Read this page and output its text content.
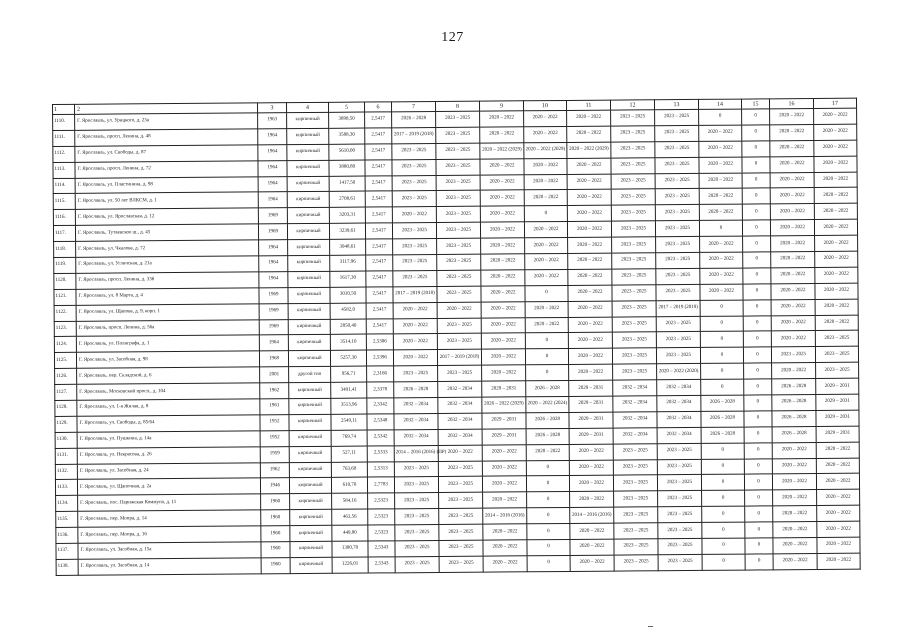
127
1	2	3	4	5	6	7	8	9	10	11	12	13	14	15	16	17
1110.	Г. Ярославль, ул. Урицкого, д. 23а	1963	кирпичный	3898,50	2,5417	2026 – 2028	2023 – 2025	2020 – 2022	2020 – 2022	2020 – 2022	2023 – 2025	2023 – 2025	0	0	2020 – 2022	2020 – 2022
1111.	Г. Ярославль, просп. Ленина, д. 48	1964	кирпичный	3588,30	2,5417	2017 – 2019 (2018)	2023 – 2025	2020 – 2022	2020 – 2022	2020 – 2022	2023 – 2025	2023 – 2025	2020 – 2022	0	2020 – 2022	2020 – 2022
1112.	Г. Ярославль, ул. Свободы, д. 87	1964	кирпичный	5610,00	2,5417	2023 – 2025	2023 – 2025	2020 – 2022 (2029)	2020 – 2022 (2029)	2020 – 2022 (2029)	2023 – 2025	2023 – 2025	2020 – 2022	0	2020 – 2022	2020 – 2022
1113.	Г. Ярославль, просп. Ленина, д. 72	1964	кирпичный	3880,80	2,5417	2023 – 2025	2023 – 2025	2020 – 2022	2020 – 2022	2020 – 2022	2023 – 2025	2023 – 2025	2020 – 2022	0	2020 – 2022	2020 – 2022
1114.	Г. Ярославль, ул. Пластинина, д. 98	1964	кирпичный	1417,50	2,5417	2023 – 2025	2023 – 2025	2020 – 2022	2020 – 2022	2020 – 2022	2023 – 2025	2023 – 2025	2020 – 2022	0	2020 – 2022	2020 – 2022
1115.	Г. Ярославль, ул. 50 лет ВЛКСМ, д. 1	1964	кирпичный	2708,61	2,5417	2023 – 2025	2023 – 2025	2020 – 2022	2020 – 2022	2020 – 2022	2023 – 2025	2023 – 2025	2020 – 2022	0	2020 – 2022	2020 – 2022
1116.	Г. Ярославль, ул. Ярославская, д. 12	1969	кирпичный	3203,31	2,5417	2020 – 2022	2023 – 2025	2020 – 2022	0	2020 – 2022	2023 – 2025	2023 – 2025	2020 – 2022	0	2020 – 2022	2020 – 2022
1117.	Г. Ярославль, Тутаевское ш., д. 45	1969	кирпичный	3239,61	2,5417	2023 – 2025	2023 – 2025	2020 – 2022	2020 – 2022	2020 – 2022	2023 – 2025	2023 – 2025	0	0	2020 – 2022	2020 – 2022
1118.	Г. Ярославль, ул. Чкалова, д. 72	1964	кирпичный	3948,61	2,5417	2023 – 2025	2023 – 2025	2020 – 2022	2020 – 2022	2020 – 2022	2023 – 2025	2023 – 2025	2020 – 2022	0	2020 – 2022	2020 – 2022
1119.	Г. Ярославль, ул. Угличская, д. 21а	1964	кирпичный	3117,96	2,5417	2023 – 2025	2023 – 2025	2020 – 2022	2020 – 2022	2020 – 2022	2023 – 2025	2023 – 2025	2020 – 2022	0	2020 – 2022	2020 – 2022
1120.	Г. Ярославль, просп. Ленина, д. 33б	1964	кирпичный	1617,30	2,5417	2023 – 2025	2023 – 2025	2020 – 2022	2020 – 2022	2020 – 2022	2023 – 2025	2023 – 2025	2020 – 2022	0	2020 – 2022	2020 – 2022
1121.	Г. Ярославль, ул. 8 Марта, д. 4	1969	кирпичный	3010,50	2,5417	2017 – 2019 (2018)	2023 – 2025	2020 – 2022	0	2020 – 2022	2023 – 2025	2023 – 2025	2020 – 2022	0	2020 – 2022	2020 – 2022
1122.	Г. Ярославль, ул. Щапова, д. 9, корп. 1	1969	кирпичный	4582,0	2,5417	2020 – 2022	2020 – 2022	2020 – 2022	2020 – 2022	2020 – 2022	2023 – 2025	2017 – 2019 (2019)	0	0	2020 – 2022	2020 – 2022
1123.	Г. Ярославль, просп. Ленина, д. 56а	1969	кирпичный	2850,40	2,5417	2020 – 2022	2023 – 2025	2020 – 2022	2020 – 2022	2020 – 2022	2023 – 2025	2023 – 2025	0	0	2020 – 2022	2020 – 2022
1124.	Г. Ярославль, ул. Полиграфа, д. 1	1964	кирпичный	3514,10	2,5306	2020 – 2022	2023 – 2025	2020 – 2022	0	2020 – 2022	2023 – 2025	2023 – 2025	0	0	2020 – 2022	2023 – 2025
1125.	Г. Ярославль, ул. Засобная, д. 98	1968	кирпичный	5257,30	2,5396	2020 – 2022	2017 – 2019 (2018)	2020 – 2022	0	2020 – 2022	2023 – 2025	2023 – 2025	0	0	2023 – 2025	2023 – 2025
1126.	Г. Ярославль, пер. Складской, д. 6	2001	другой тип	956,71	2,3166	2023 – 2025	2023 – 2025	2020 – 2022	0	2020 – 2022	2023 – 2025	2020 – 2022 (2020)	0	0	2020 – 2022	2023 – 2025
1127.	Г. Ярославль, Московский просп., д. 104	1962	кирпичный	3491,41	2,3378	2026 – 2028	2032 – 2034	2029 – 2031	2026 – 2028	2029 – 2031	2032 – 2034	2032 – 2034	0	0	2026 – 2028	2029 – 2031
1128.	Г. Ярославль, ул. 1-я Жилая, д. 8	1961	кирпичный	3513,96	2,3342	2032 – 2034	2032 – 2034	2026 – 2022 (2029)	2020 – 2022 (2024)	2029 – 2031	2032 – 2034	2032 – 2034	2026 – 2028	0	2026 – 2028	2029 – 2031
1129.	Г. Ярославль, ул. Свободы, д. 85/64	1952	кирпичный	2549,11	2,5348	2032 – 2034	2032 – 2034	2029 – 2031	2026 – 2028	2029 – 2031	2032 – 2034	2032 – 2034	2026 – 2028	0	2026 – 2028	2029 – 2031
1130.	Г. Ярославль, ул. Пушкина, д. 14а	1952	кирпичный	769,74	2,5342	2032 – 2034	2032 – 2034	2029 – 2031	2026 – 2028	2029 – 2031	2032 – 2034	2032 – 2034	2026 – 2028	0	2026 – 2028	2029 – 2031
1131.	Г. Ярославль, ул. Некрасова, д. 26	1959	кирпичный	527,11	2,5333	2014 – 2016 (2016) (ПР)	2020 – 2022	2020 – 2022	2020 – 2022	2020 – 2022	2023 – 2025	2023 – 2025	0	0	2020 – 2022	2020 – 2022
1132.	Г. Ярославль, ул. Засобная, д. 24	1962	кирпичный	763,60	2,5313	2023 – 2025	2023 – 2025	2020 – 2022	0	2020 – 2022	2023 – 2025	2023 – 2025	0	0	2020 – 2022	2020 – 2022
1133.	Г. Ярославль, ул. Щапочная, д. 2а	1946	кирпичный	610,70	2,7783	2023 – 2025	2023 – 2025	2020 – 2022	0	2020 – 2022	2023 – 2025	2023 – 2025	0	0	2020 – 2022	2020 – 2022
1134.	Г. Ярославль, пос. Парижская Коммуна, д. 11	1960	кирпичный	584,16	2,5323	2023 – 2025	2023 – 2025	2020 – 2022	0	2020 – 2022	2023 – 2025	2023 – 2025	0	0	2020 – 2022	2020 – 2022
1135.	Г. Ярославль, пер. Мопра, д. 14	1960	кирпичный	463,56	2,5323	2023 – 2025	2023 – 2025	2014 – 2016 (2016)	0	2014 – 2016 (2016)	2023 – 2025	2023 – 2025	0	0	2020 – 2022	2020 – 2022
1136.	Г. Ярославль, пер. Мопра, д. 16	1960	кирпичный	449,80	2,5323	2023 – 2025	2023 – 2025	2020 – 2022	0	2020 – 2022	2023 – 2025	2023 – 2025	0	0	2020 – 2022	2020 – 2022
1137.	Г. Ярославль, ул. Засобная, д. 15а	1960	кирпичный	1380,70	2,5343	2023 – 2025	2023 – 2025	2020 – 2022	0	2020 – 2022	2023 – 2025	2023 – 2025	0	0	2020 – 2022	2020 – 2022
1138.	Г. Ярославль, ул. Засобная, д. 14	1960	кирпичный	1226,01	2,5343	2023 – 2025	2023 – 2025	2020 – 2022	0	2020 – 2022	2023 – 2025	2023 – 2025	0	0	2020 – 2022	2020 – 2022
